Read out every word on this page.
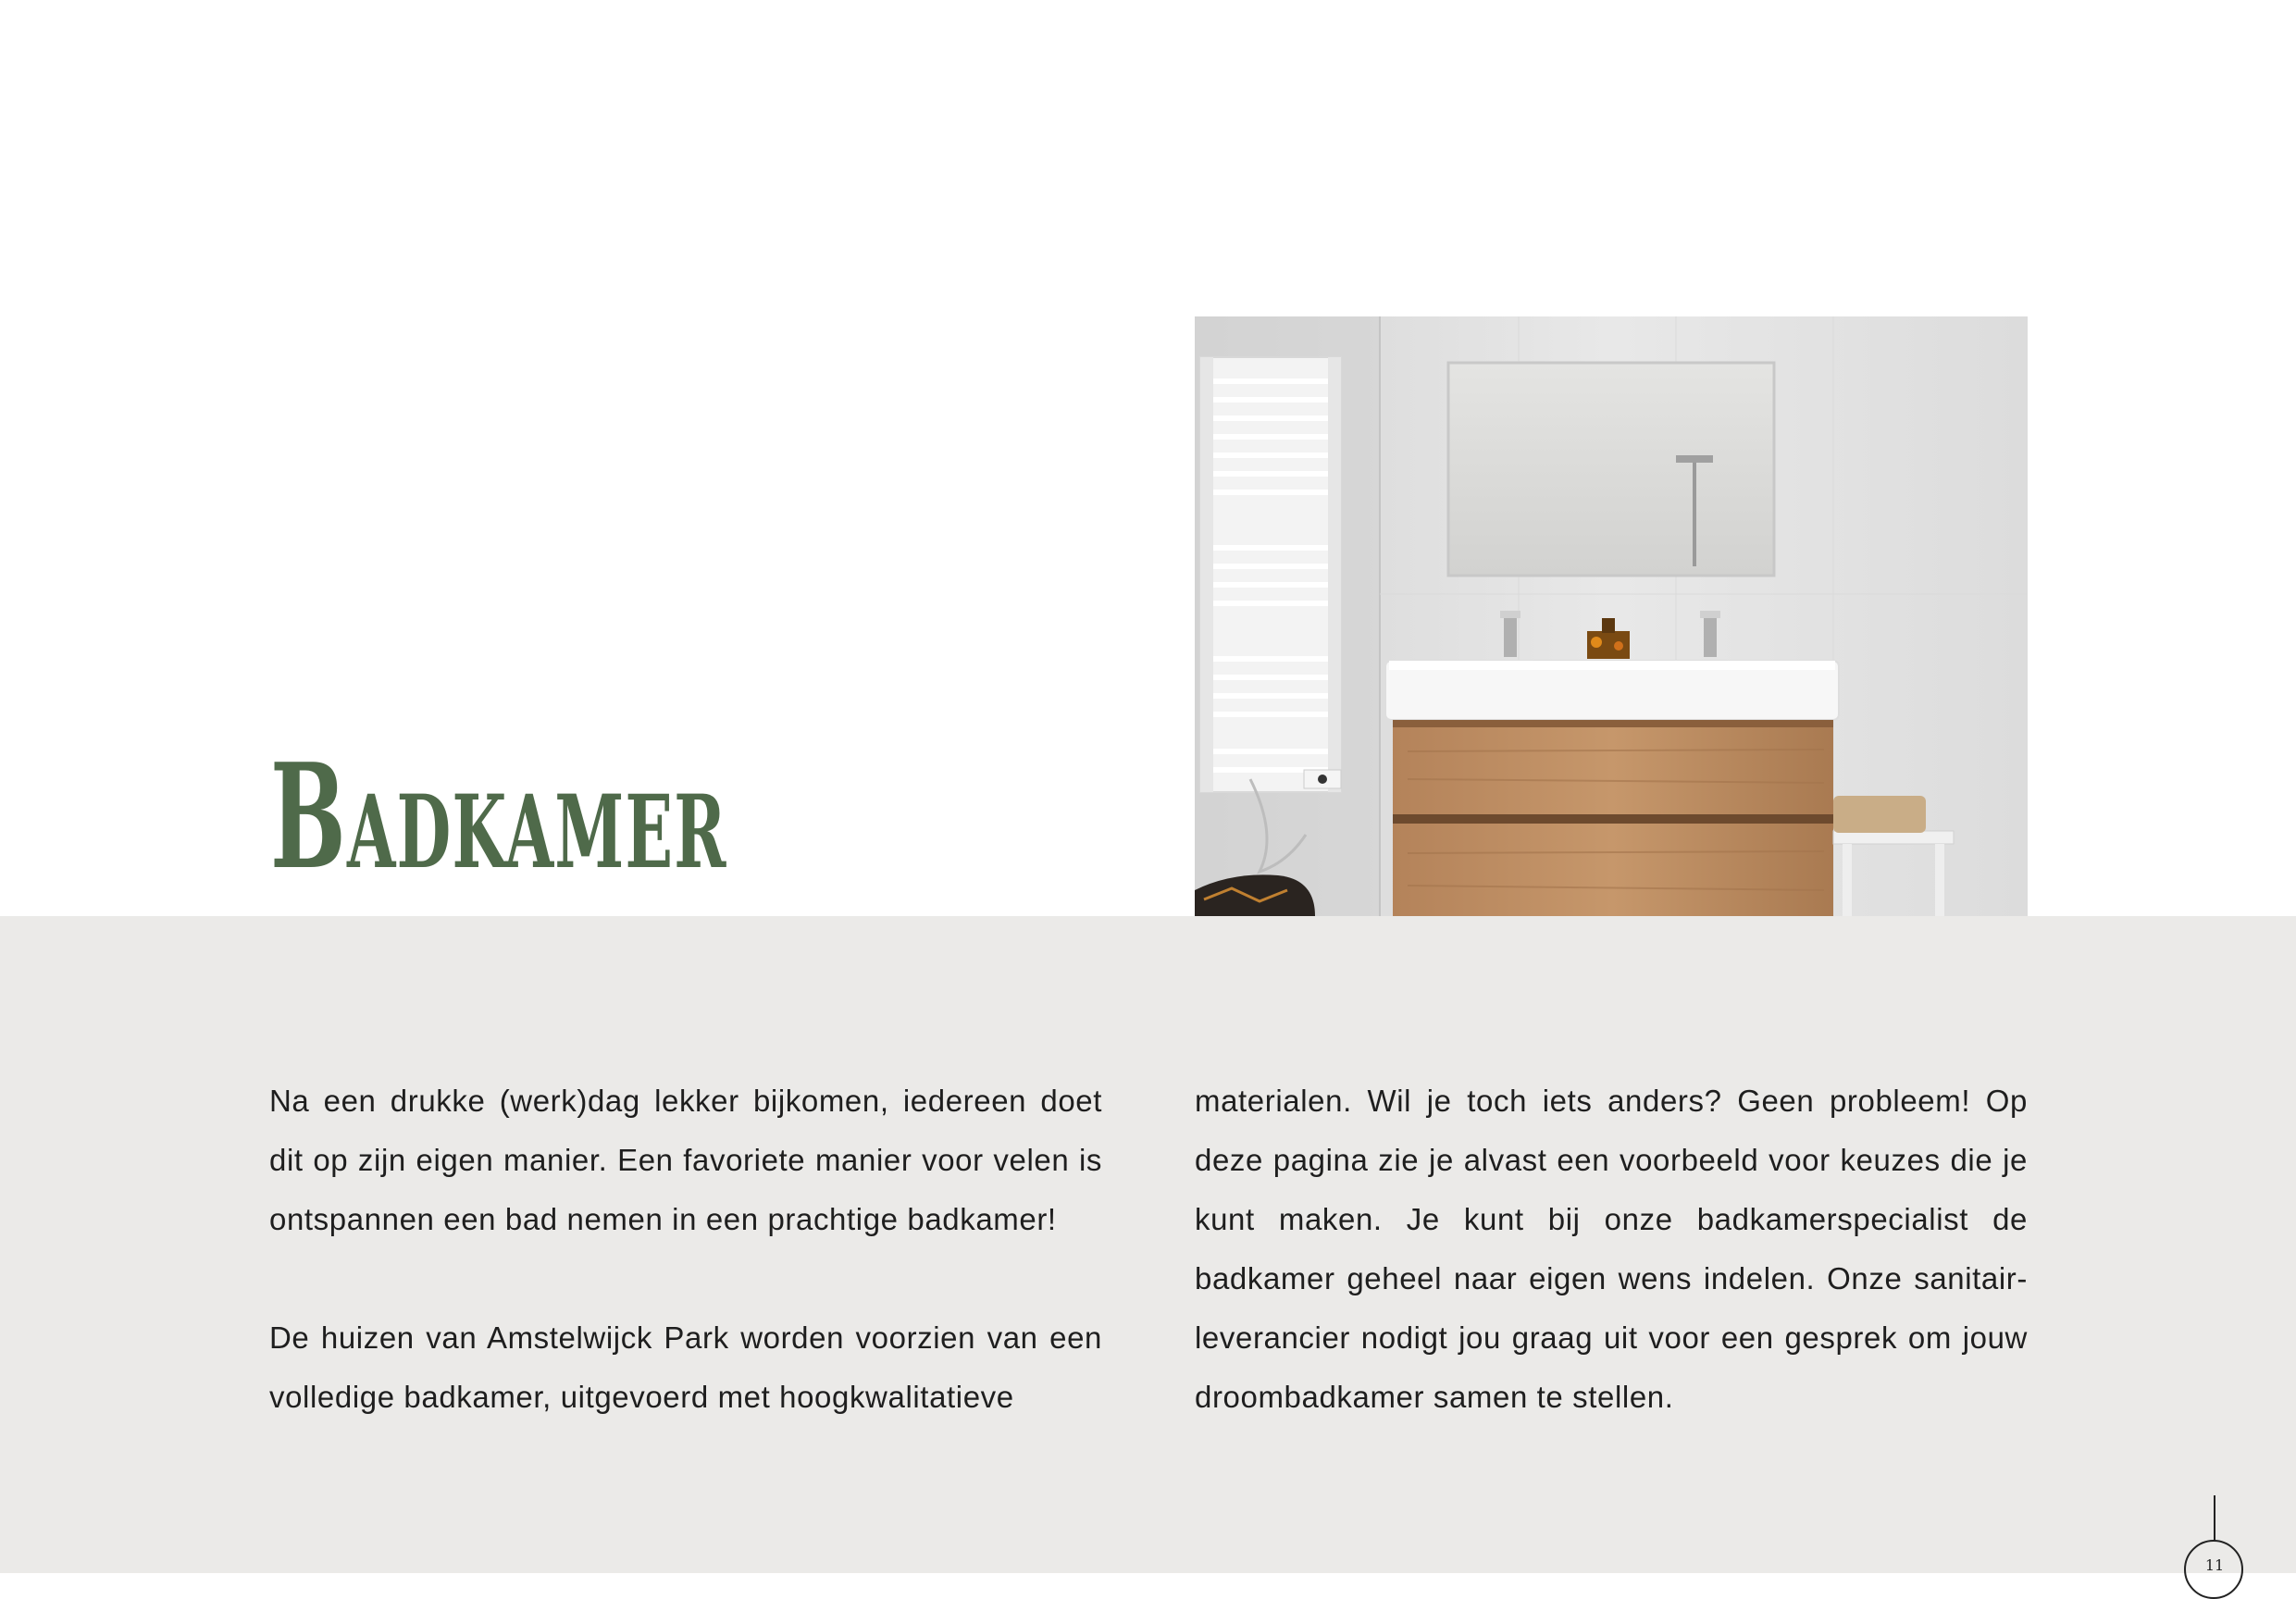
Badkamer

Na een drukke (werk)dag lekker bijkomen, iedereen doet dit op zijn eigen manier. Een favoriete manier voor velen is ontspannen een bad nemen in een prachtige badkamer!

De huizen van Amstelwijck Park worden voorzien van een volledige badkamer, uitgevoerd met hoogkwalitatieve

materialen. Wil je toch iets anders? Geen probleem! Op deze pagina zie je alvast een voorbeeld voor keuzes die je kunt maken. Je kunt bij onze badkamerspecialist de badkamer geheel naar eigen wens indelen. Onze sanitair-leverancier nodigt jou graag uit voor een gesprek om jouw droombadkamer samen te stellen.

11
